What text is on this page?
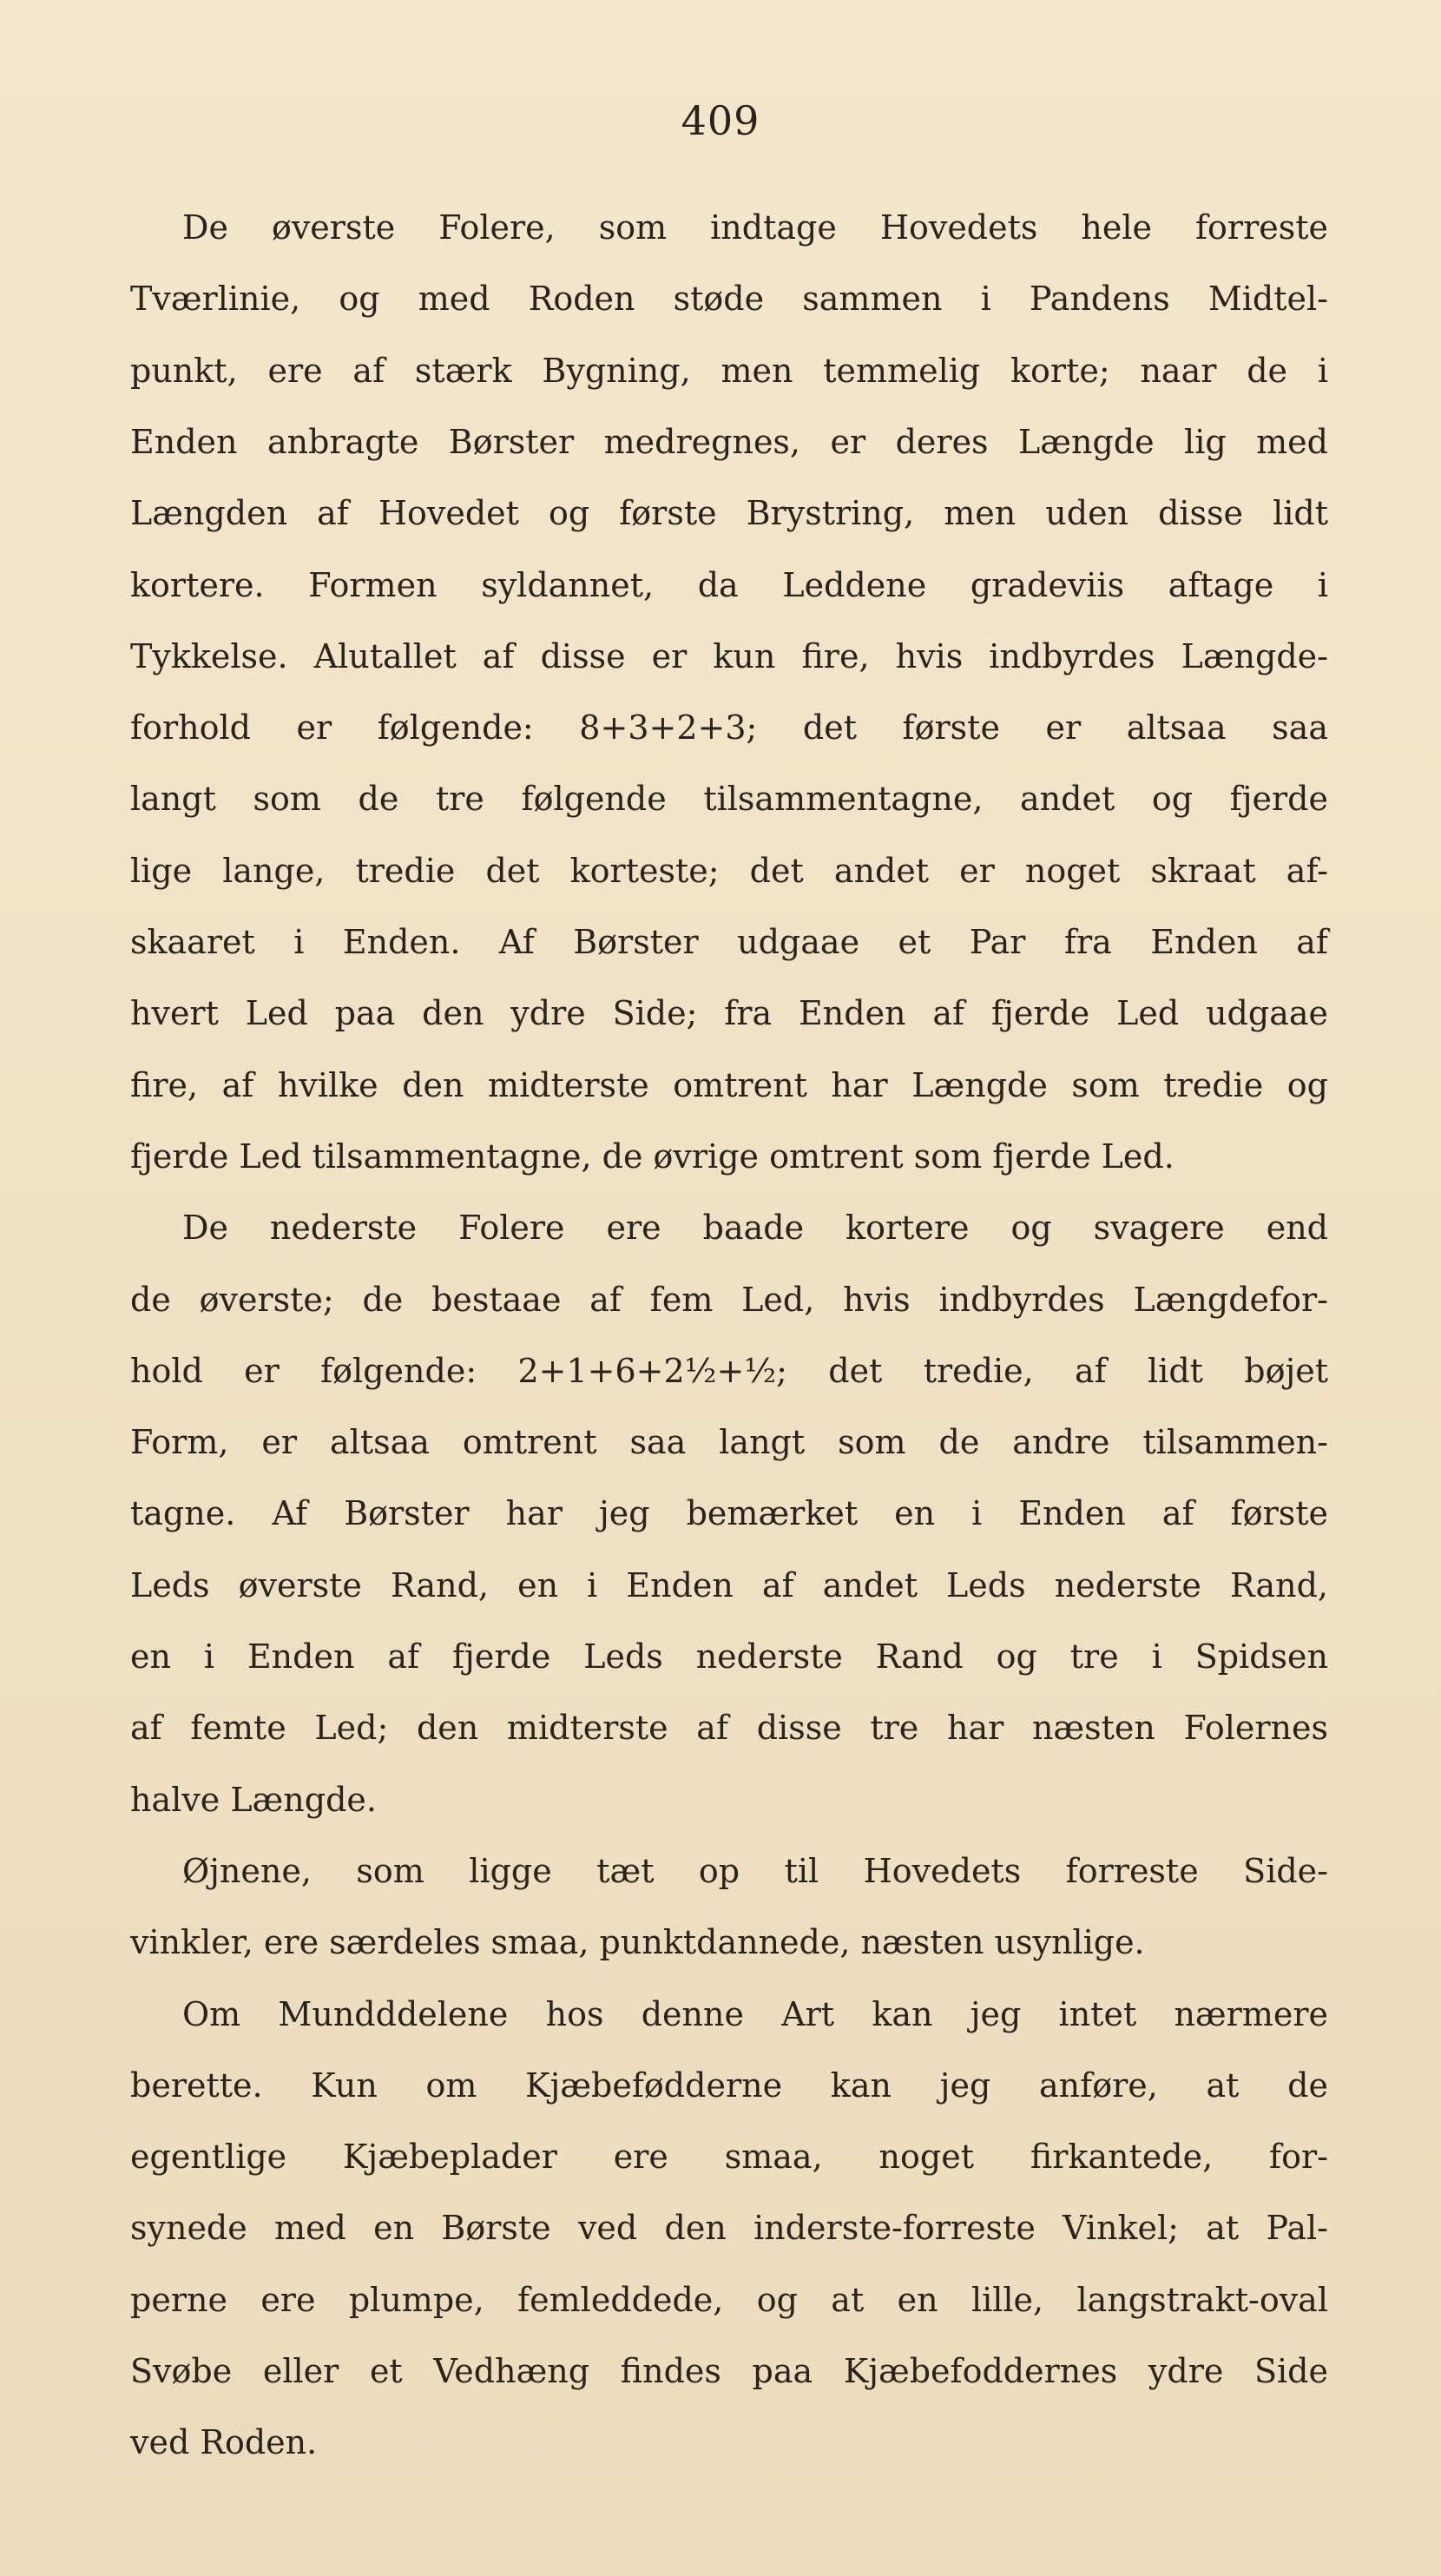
409
De øverste Folere, som indtage Hovedets hele forreste
Tværlinie, og med Roden støde sammen i Pandens Midtel-
punkt, ere af stærk Bygning, men temmelig korte; naar de i
Enden anbragte Børster medregnes, er deres Længde lig med
Længden af Hovedet og første Brystring, men uden disse lidt
kortere. Formen syldannet, da Leddene gradeviis aftage i
Tykkelse. Alutallet af disse er kun fire, hvis indbyrdes Længde-
forhold er følgende: 8+3+2+3; det første er altsaa saa
langt som de tre følgende tilsammentagne, andet og fjerde
lige lange, tredie det korteste; det andet er noget skraat af-
skaaret i Enden. Af Børster udgaae et Par fra Enden af
hvert Led paa den ydre Side; fra Enden af fjerde Led udgaae
fire, af hvilke den midterste omtrent har Længde som tredie og
fjerde Led tilsammentagne, de øvrige omtrent som fjerde Led.
De nederste Folere ere baade kortere og svagere end
de øverste; de bestaae af fem Led, hvis indbyrdes Længdefor-
hold er følgende: 2+1+6+2½+½; det tredie, af lidt bøjet
Form, er altsaa omtrent saa langt som de andre tilsammen-
tagne. Af Børster har jeg bemærket en i Enden af første
Leds øverste Rand, en i Enden af andet Leds nederste Rand,
en i Enden af fjerde Leds nederste Rand og tre i Spidsen
af femte Led; den midterste af disse tre har næsten Folernes
halve Længde.
Øjnene, som ligge tæt op til Hovedets forreste Side-
vinkler, ere særdeles smaa, punktdannede, næsten usynlige.
Om Mundddelene hos denne Art kan jeg intet nærmere
berette. Kun om Kjæbefødderne kan jeg anføre, at de
egentlige Kjæbeplader ere smaa, noget firkantede, for-
synede med en Børste ved den inderste-forreste Vinkel; at Pal-
perne ere plumpe, femleddede, og at en lille, langstrakt-oval
Svøbe eller et Vedhæng findes paa Kjæbefoddernes ydre Side
ved Roden.
